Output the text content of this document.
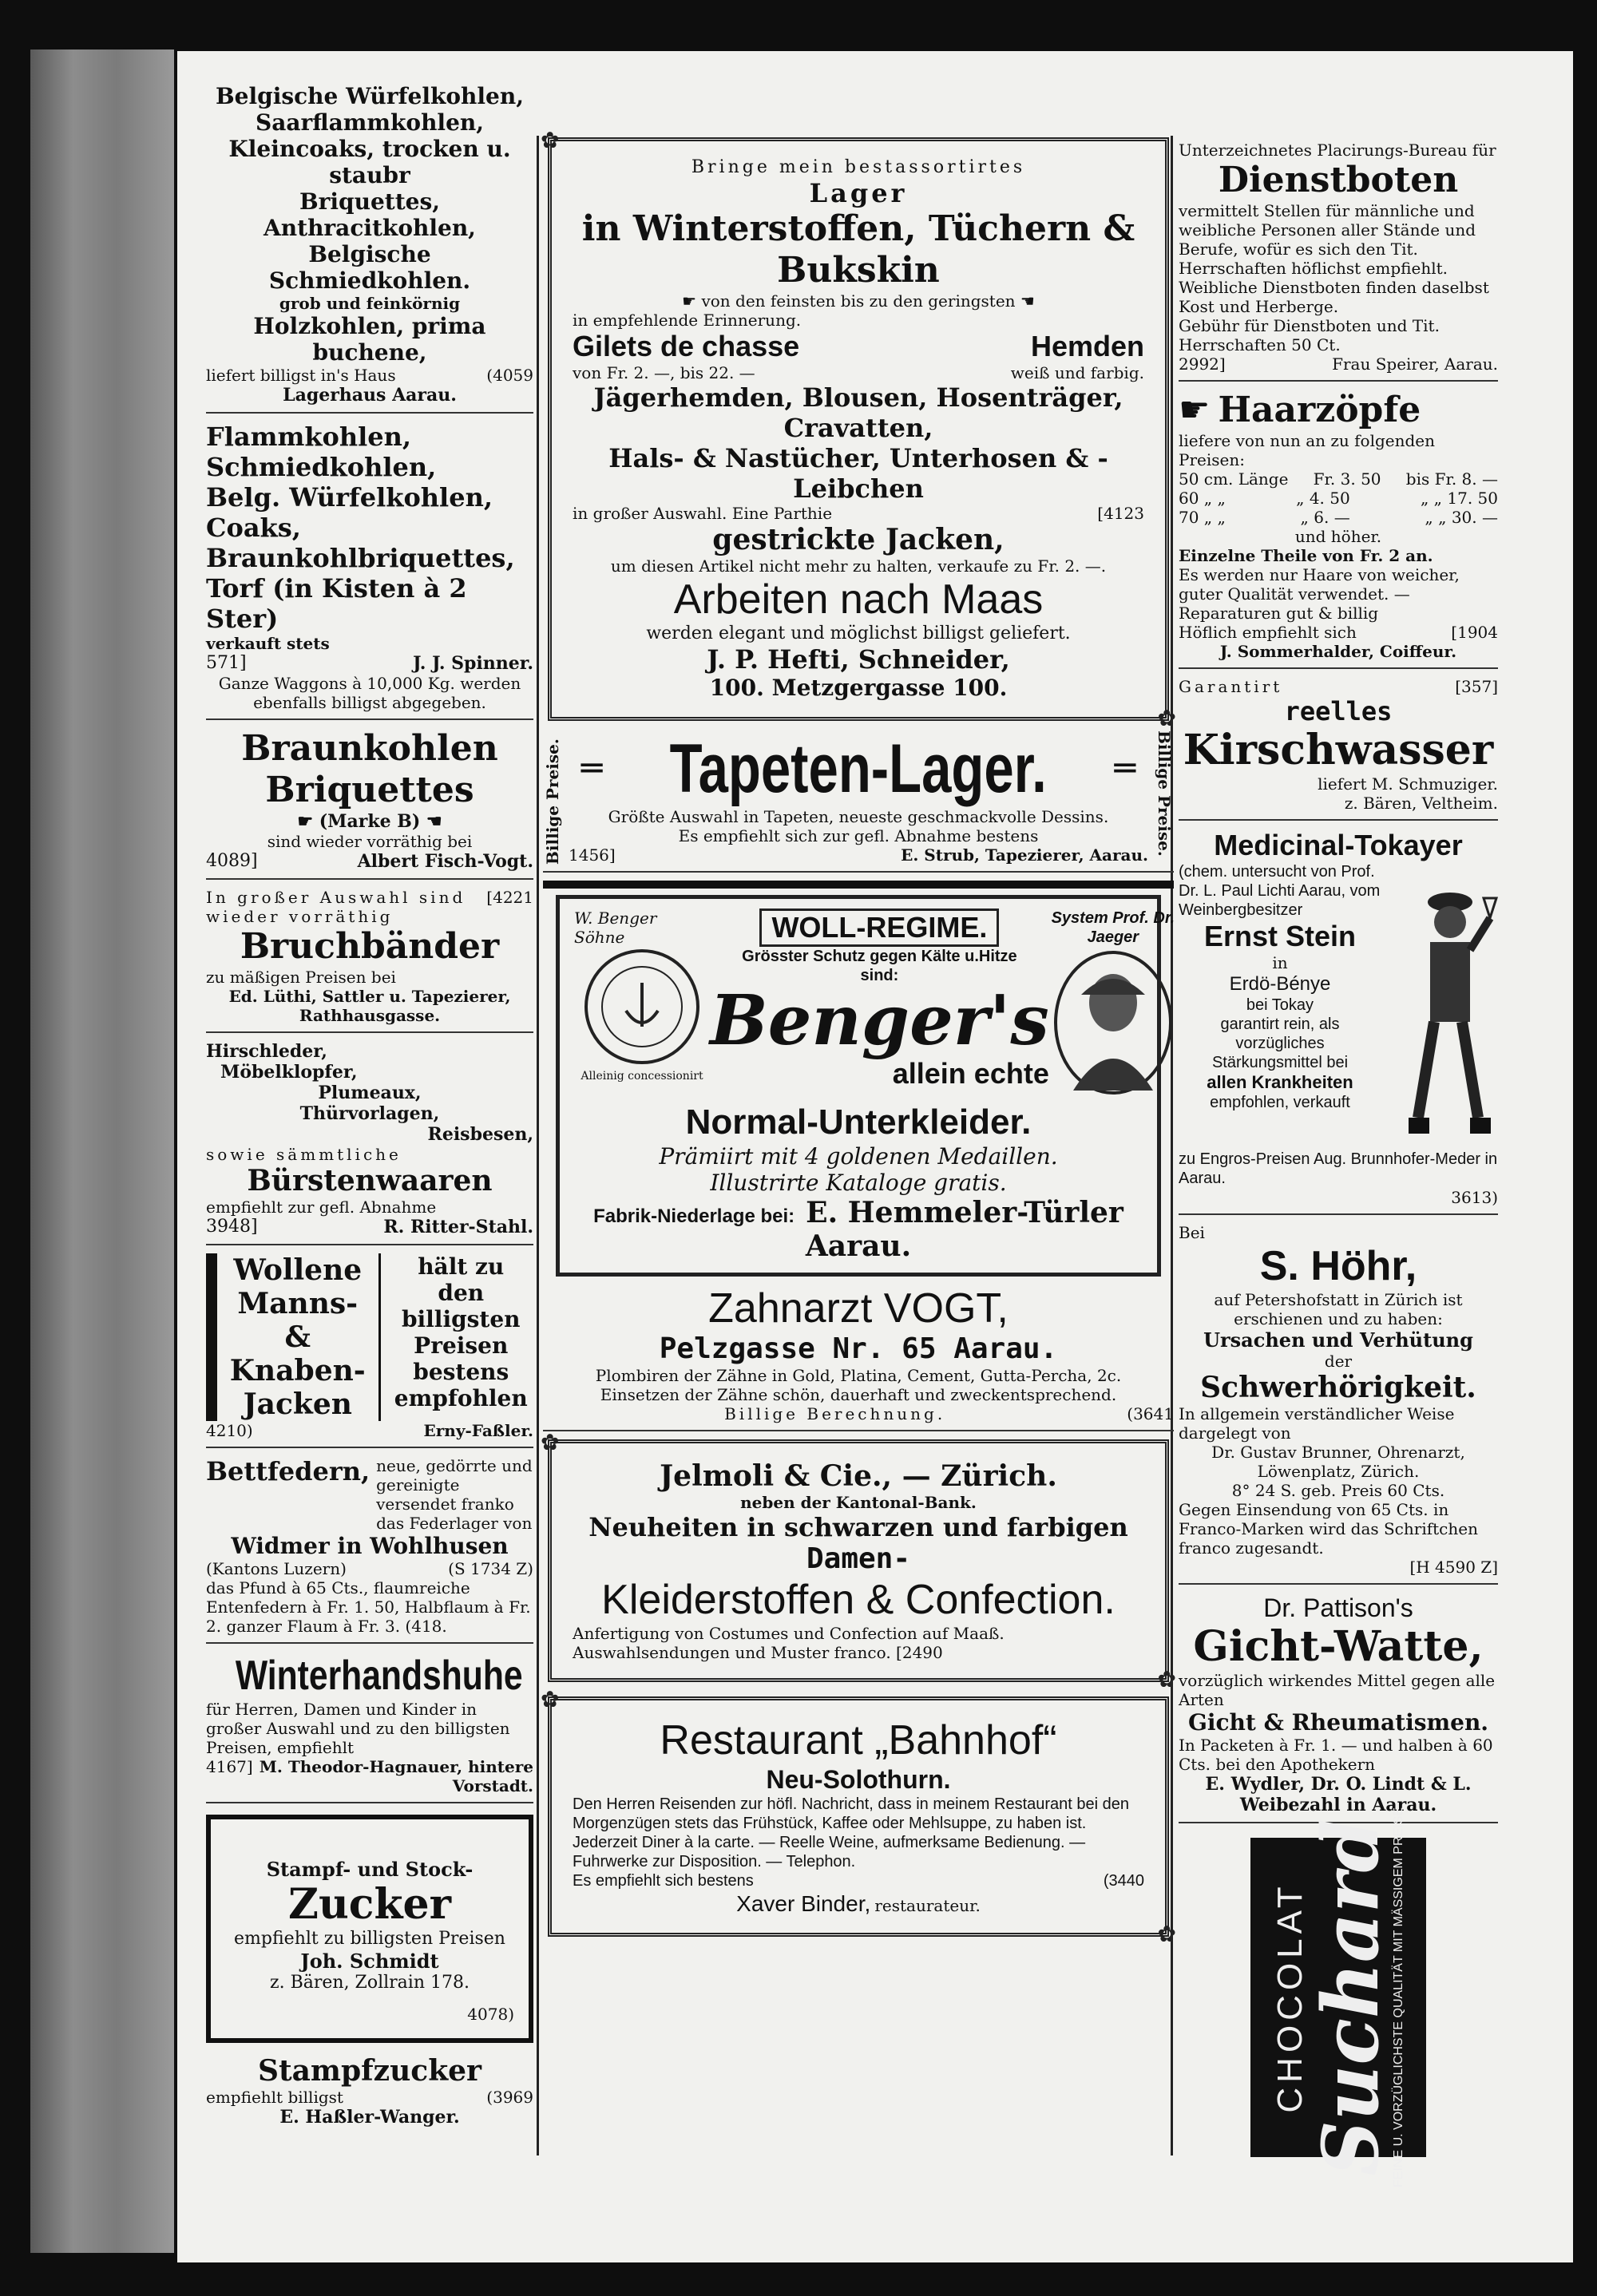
Belgische Würfelkohlen,
Saarflammkohlen,
Kleincoaks, trocken u. staubr
Briquettes,
Anthracitkohlen,
Belgische Schmiedkohlen.
grob und feinkörnig
Holzkohlen, prima buchene,
liefert billigst in's Haus	(4059
Lagerhaus Aarau.
Flammkohlen,
Schmiedkohlen,
Belg. Würfelkohlen,
Coaks,
Braunkohlbriquettes,
Torf (in Kisten à 2 Ster)
verkauft stets
571]	J. J. Spinner.
Ganze Waggons à 10,000 Kg. werden ebenfalls billigst abgegeben.
Braunkohlen
Briquettes
☛ (Marke B) ☚
sind wieder vorräthig bei
4089]	Albert Fisch-Vogt.
In großer Auswahl sind wieder vorräthig
[4221
Bruchbänder
zu mäßigen Preisen bei
Ed. Lüthi, Sattler u. Tapezierer, Rathhausgasse.
Hirschleder,
Möbelklopfer,
Plumeaux,
Thürvorlagen,
Reisbesen,
sowie sämmtliche
Bürstenwaaren
empfiehlt zur gefl. Abnahme
3948]	R. Ritter-Stahl.
Wollene
Manns-
&
Knaben-
Jacken
hält zu
den
billigsten
Preisen
bestens
empfohlen
4210)	Erny-Faßler.
Bettfedern, neue, gedörrte und gereinigte versendet franko das Federlager von
Widmer in Wohlhusen
(Kantons Luzern)	(S 1734 Z)
das Pfund à 65 Cts., flaumreiche Entenfedern à Fr. 1. 50, Halbflaum à Fr. 2. ganzer Flaum à Fr. 3. (418.
Winterhandshuhe
für Herren, Damen und Kinder in großer Auswahl und zu den billigsten Preisen, empfiehlt
4167] M. Theodor-Hagnauer, hintere Vorstadt.
Stampf- und Stock-
Zucker
empfiehlt zu billigsten Preisen
Joh. Schmidt
z. Bären, Zollrain 178.
4078)
Stampfzucker
empfiehlt billigst	(3969
E. Haßler-Wanger.
✿ Bringe mein bestassortirtes
Lager
in Winterstoffen, Tüchern & Bukskin
☛ von den feinsten bis zu den geringsten ☚
in empfehlende Erinnerung.
Gilets de chasse	Hemden
von Fr. 2. —, bis 22. —	weiß und farbig.
Jägerhemden, Blousen, Hosenträger, Cravatten,
Hals- & Nastücher, Unterhosen & -Leibchen
in großer Auswahl. Eine Parthie	[4123
gestrickte Jacken,
um diesen Artikel nicht mehr zu halten, verkaufe zu Fr. 2. —.
Arbeiten nach Maas
werden elegant und möglichst billigst geliefert.
J. P. Hefti, Schneider,
100. Metzgergasse 100.
✿
Billige Preise. ═ Tapeten-Lager. ═
Größte Auswahl in Tapeten, neueste geschmackvolle Dessins.
Es empfiehlt sich zur gefl. Abnahme bestens
1456]	E. Strub, Tapezierer, Aarau. Billige Preise.
W. Benger Söhne
Alleinig concessionirt
WOLL-REGIME.
Grösster Schutz gegen Kälte u.Hitze
sind:
Benger's
allein echte
System Prof. Dr. Jaeger
Normal-Unterkleider.
Prämiirt mit 4 goldenen Medaillen.
Illustrirte Kataloge gratis.
Fabrik-Niederlage bei: E. Hemmeler-Türler
Aarau.
Zahnarzt VOGT,
Pelzgasse Nr. 65 Aarau.
Plombiren der Zähne in Gold, Platina, Cement, Gutta-Percha, 2c.
Einsetzen der Zähne schön, dauerhaft und zweckentsprechend.
Billige Berechnung.	(3641
✿ Jelmoli & Cie., — Zürich.
neben der Kantonal-Bank.
Neuheiten in schwarzen und farbigen
Damen-
Kleiderstoffen & Confection.
Anfertigung von Costumes und Confection auf Maaß. Auswahlsendungen und Muster franco. [2490
✿
✿ Restaurant „Bahnhof“
Neu-Solothurn.
Den Herren Reisenden zur höfl. Nachricht, dass in meinem Restaurant bei den Morgenzügen stets das Frühstück, Kaffee oder Mehlsuppe, zu haben ist.
Jederzeit Diner à la carte. — Reelle Weine, aufmerksame Bedienung. — Fuhrwerke zur Disposition. — Telephon.
Es empfiehlt sich bestens	(3440
Xaver Binder, restaurateur.
✿
Unterzeichnetes Placirungs-Bureau für
Dienstboten
vermittelt Stellen für männliche und weibliche Personen aller Stände und Berufe, wofür es sich den Tit. Herrschaften höflichst empfiehlt.
Weibliche Dienstboten finden daselbst Kost und Herberge.
Gebühr für Dienstboten und Tit. Herrschaften 50 Ct.
2992]	Frau Speirer, Aarau.
☛ Haarzöpfe
liefere von nun an zu folgenden Preisen:
50 cm. Länge Fr. 3. 50 bis Fr. 8. —
60 „ „	„ 4. 50	„ „ 17. 50
70 „ „	„ 6. —	„ „ 30. —
und höher.
Einzelne Theile von Fr. 2 an.
Es werden nur Haare von weicher, guter Qualität verwendet. — Reparaturen gut & billig
Höflich empfiehlt sich	[1904
J. Sommerhalder, Coiffeur.
Garantirt	[357]
reelles
Kirschwasser
liefert M. Schmuziger.
z. Bären, Veltheim.
Medicinal-Tokayer
(chem. untersucht von Prof. Dr. L. Paul Lichti Aarau, vom Weinbergbesitzer
Ernst Stein
in
Erdö-Bénye
bei Tokay
garantirt rein, als vorzügliches Stärkungsmittel bei
allen Krankheiten
empfohlen, verkauft
zu Engros-Preisen Aug. Brunnhofer-Meder in Aarau.
3613)
Bei
S. Höhr,
auf Petershofstatt in Zürich ist erschienen und zu haben:
Ursachen und Verhütung
der
Schwerhörigkeit.
In allgemein verständlicher Weise dargelegt von
Dr. Gustav Brunner, Ohrenarzt, Löwenplatz, Zürich.
8° 24 S. geb. Preis 60 Cts.
Gegen Einsendung von 65 Cts. in Franco-Marken wird das Schriftchen franco zugesandt.
[H 4590 Z]
Dr. Pattison's
Gicht-Watte,
vorzüglich wirkendes Mittel gegen alle Arten
Gicht & Rheumatismen.
In Packeten à Fr. 1. — und halben à 60 Cts. bei den Apothekern
E. Wydler, Dr. O. Lindt & L. Weibezahl in Aarau.
CHOCOLAT
Suchard
FEINE U. VORZÜGLICHSTE QUALITÄT MIT MÄSSIGEM PREISE
